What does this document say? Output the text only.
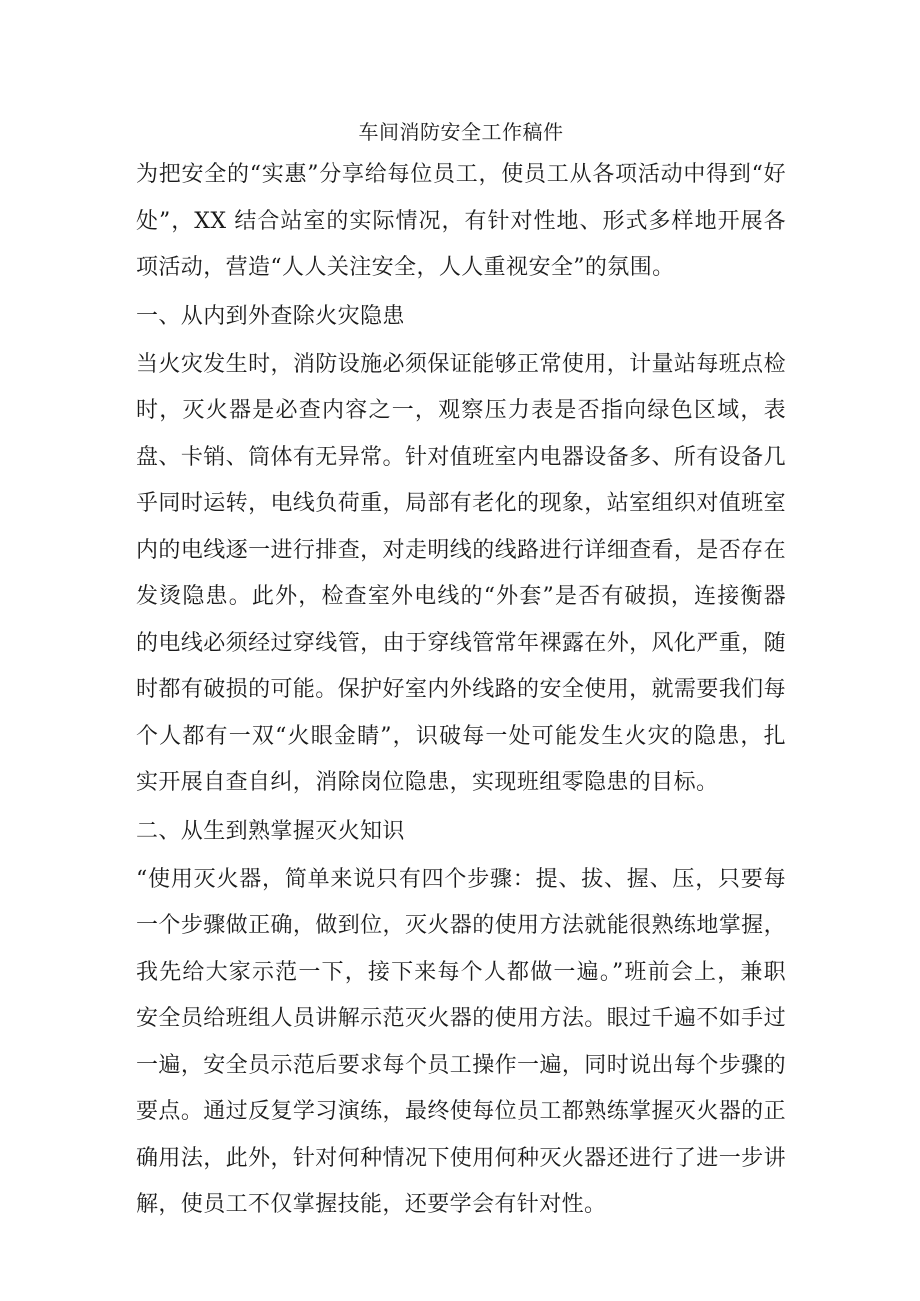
车间消防安全工作稿件

为把安全的“实惠”分享给每位员工，使员工从各项活动中得到“好处”，XX 结合站室的实际情况，有针对性地、形式多样地开展各项活动，营造“人人关注安全，人人重视安全”的氛围。

一、从内到外查除火灾隐患

当火灾发生时，消防设施必须保证能够正常使用，计量站每班点检时，灭火器是必查内容之一，观察压力表是否指向绿色区域，表盘、卡销、筒体有无异常。针对值班室内电器设备多、所有设备几乎同时运转，电线负荷重，局部有老化的现象，站室组织对值班室内的电线逐一进行排查，对走明线的线路进行详细查看，是否存在发烫隐患。此外，检查室外电线的“外套”是否有破损，连接衡器的电线必须经过穿线管，由于穿线管常年裸露在外，风化严重，随时都有破损的可能。保护好室内外线路的安全使用，就需要我们每个人都有一双“火眼金睛”，识破每一处可能发生火灾的隐患，扎实开展自查自纠，消除岗位隐患，实现班组零隐患的目标。

二、从生到熟掌握灭火知识

“使用灭火器，简单来说只有四个步骤：提、拔、握、压，只要每一个步骤做正确，做到位，灭火器的使用方法就能很熟练地掌握，我先给大家示范一下，接下来每个人都做一遍。”班前会上，兼职安全员给班组人员讲解示范灭火器的使用方法。眼过千遍不如手过一遍，安全员示范后要求每个员工操作一遍，同时说出每个步骤的要点。通过反复学习演练，最终使每位员工都熟练掌握灭火器的正确用法，此外，针对何种情况下使用何种灭火器还进行了进一步讲解，使员工不仅掌握技能，还要学会有针对性。
